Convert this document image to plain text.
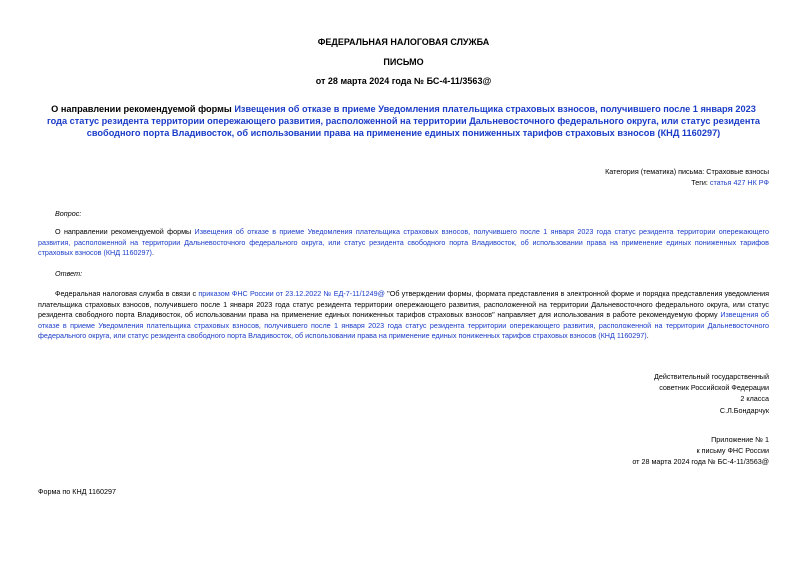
ФЕДЕРАЛЬНАЯ НАЛОГОВАЯ СЛУЖБА
ПИСЬМО
от 28 марта 2024 года № БС-4-11/3563@
О направлении рекомендуемой формы Извещения об отказе в приеме Уведомления плательщика страховых взносов, получившего после 1 января 2023 года статус резидента территории опережающего развития, расположенной на территории Дальневосточного федерального округа, или статус резидента свободного порта Владивосток, об использовании права на применение единых пониженных тарифов страховых взносов (КНД 1160297)
Категория (тематика) письма: Страховые взносы
Теги: статья 427 НК РФ
Вопрос:
О направлении рекомендуемой формы Извещения об отказе в приеме Уведомления плательщика страховых взносов, получившего после 1 января 2023 года статус резидента территории опережающего развития, расположенной на территории Дальневосточного федерального округа, или статус резидента свободного порта Владивосток, об использовании права на применение единых пониженных тарифов страховых взносов (КНД 1160297).
Ответ:
Федеральная налоговая служба в связи с приказом ФНС России от 23.12.2022 № ЕД-7-11/1249@ "Об утверждении формы, формата представления в электронной форме и порядка представления уведомления плательщика страховых взносов, получившего после 1 января 2023 года статус резидента территории опережающего развития, расположенной на территории Дальневосточного федерального округа, или статус резидента свободного порта Владивосток, об использовании права на применение единых пониженных тарифов страховых взносов" направляет для использования в работе рекомендуемую форму Извещения об отказе в приеме Уведомления плательщика страховых взносов, получившего после 1 января 2023 года статус резидента территории опережающего развития, расположенной на территории Дальневосточного федерального округа, или статус резидента свободного порта Владивосток, об использовании права на применение единых пониженных тарифов страховых взносов (КНД 1160297).
Действительный государственный
советник Российской Федерации
2 класса
С.Л.Бондарчук
Приложение № 1
к письму ФНС России
от 28 марта 2024 года № БС-4-11/3563@
Форма по КНД 1160297
